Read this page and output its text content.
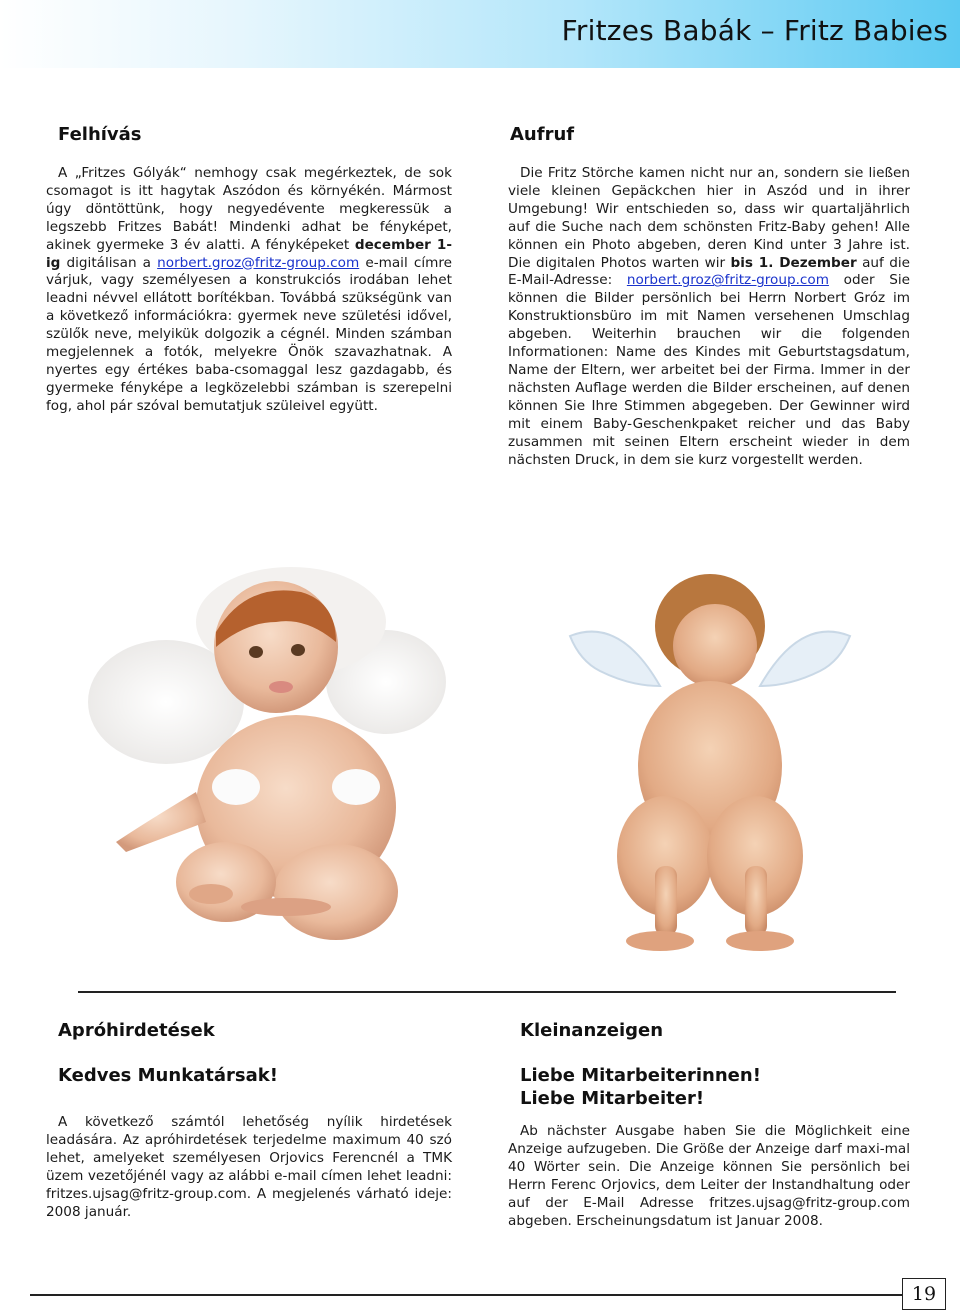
Fritzes Babák – Fritz Babies
Felhívás

A „Fritzes Gólyák“ nemhogy csak megérkeztek, de sok csomagot is itt hagytak Aszódon és környékén. Mármost úgy döntöttünk, hogy negyedévente megkeressük a legszebb Fritzes Babát! Mindenki adhat be fényképet, akinek gyermeke 3 év alatti. A fényképeket december 1-ig digitálisan a norbert.groz@fritz-group.com e-mail címre várjuk, vagy személyesen a konstrukciós irodában lehet leadni névvel ellátott borítékban. Továbbá szükségünk van a következő információkra: gyermek neve születési idővel, szülők neve, melyikük dolgozik a cégnél. Minden számban megjelennek a fotók, melyekre Önök szavazhatnak. A nyertes egy értékes baba-csomaggal lesz gazdagabb, és gyermeke fényképe a legközelebbi számban is szerepelni fog, ahol pár szóval bemutatjuk szüleivel együtt.

Aufruf

Die Fritz Störche kamen nicht nur an, sondern sie ließen viele kleinen Gepäckchen hier in Aszód und in ihrer Umgebung! Wir entschieden so, dass wir quartaljährlich auf die Suche nach dem schönsten Fritz-Baby gehen! Alle können ein Photo abgeben, deren Kind unter 3 Jahre ist. Die digitalen Photos warten wir bis 1. Dezember auf die E-Mail-Adresse: norbert.groz@fritz-group.com oder Sie können die Bilder persönlich bei Herrn Norbert Gróz im Konstruktionsbüro im mit Namen versehenen Umschlag abgeben. Weiterhin brauchen wir die folgenden Informationen: Name des Kindes mit Geburtstagsdatum, Name der Eltern, wer arbeitet bei der Firma. Immer in der nächsten Auflage werden die Bilder erscheinen, auf denen können Sie Ihre Stimmen abgegeben. Der Gewinner wird mit einem Baby-Geschenkpaket reicher und das Baby zusammen mit seinen Eltern erscheint wieder in dem nächsten Druck, in dem sie kurz vorgestellt werden.

Apróhirdetések
Kedves Munkatársak!

A következő számtól lehetőség nyílik hirdetések leadására. Az apróhirdetések terjedelme maximum 40 szó lehet, amelyeket személyesen Orjovics Ferencnél a TMK üzem vezetőjénél vagy az alábbi e-mail címen lehet leadni: fritzes.ujsag@fritz-group.com. A megjelenés várható ideje: 2008 január.

Kleinanzeigen
Liebe Mitarbeiterinnen!
Liebe Mitarbeiter!

Ab nächster Ausgabe haben Sie die Möglichkeit eine Anzeige aufzugeben. Die Größe der Anzeige darf maxi-mal 40 Wörter sein. Die Anzeige können Sie persönlich bei Herrn Ferenc Orjovics, dem Leiter der Instandhaltung oder auf der E-Mail Adresse fritzes.ujsag@fritz-group.com abgeben. Erscheinungsdatum ist Januar 2008.

19
